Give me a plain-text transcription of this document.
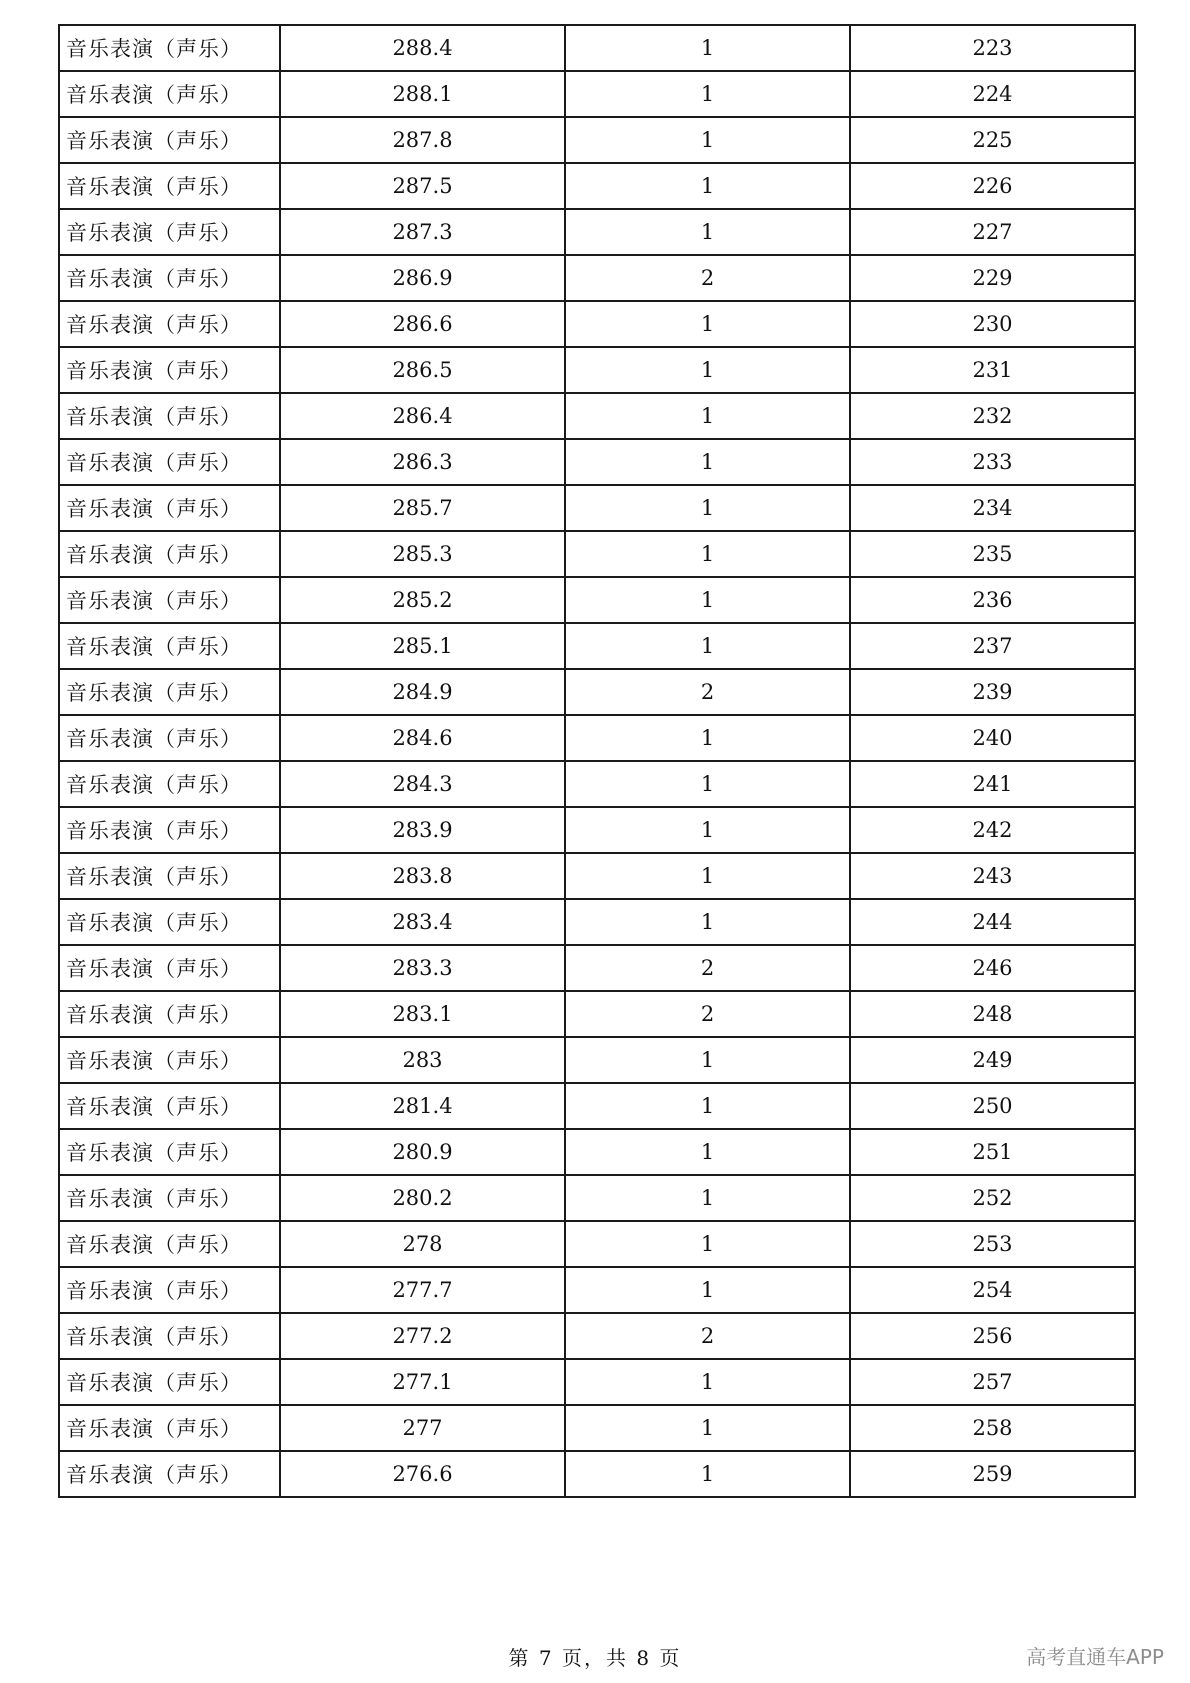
音乐表演（声乐）	288.4	1	223
音乐表演（声乐）	288.1	1	224
音乐表演（声乐）	287.8	1	225
音乐表演（声乐）	287.5	1	226
音乐表演（声乐）	287.3	1	227
音乐表演（声乐）	286.9	2	229
音乐表演（声乐）	286.6	1	230
音乐表演（声乐）	286.5	1	231
音乐表演（声乐）	286.4	1	232
音乐表演（声乐）	286.3	1	233
音乐表演（声乐）	285.7	1	234
音乐表演（声乐）	285.3	1	235
音乐表演（声乐）	285.2	1	236
音乐表演（声乐）	285.1	1	237
音乐表演（声乐）	284.9	2	239
音乐表演（声乐）	284.6	1	240
音乐表演（声乐）	284.3	1	241
音乐表演（声乐）	283.9	1	242
音乐表演（声乐）	283.8	1	243
音乐表演（声乐）	283.4	1	244
音乐表演（声乐）	283.3	2	246
音乐表演（声乐）	283.1	2	248
音乐表演（声乐）	283	1	249
音乐表演（声乐）	281.4	1	250
音乐表演（声乐）	280.9	1	251
音乐表演（声乐）	280.2	1	252
音乐表演（声乐）	278	1	253
音乐表演（声乐）	277.7	1	254
音乐表演（声乐）	277.2	2	256
音乐表演（声乐）	277.1	1	257
音乐表演（声乐）	277	1	258
音乐表演（声乐）	276.6	1	259
第 7 页，共 8 页	高考直通车APP
